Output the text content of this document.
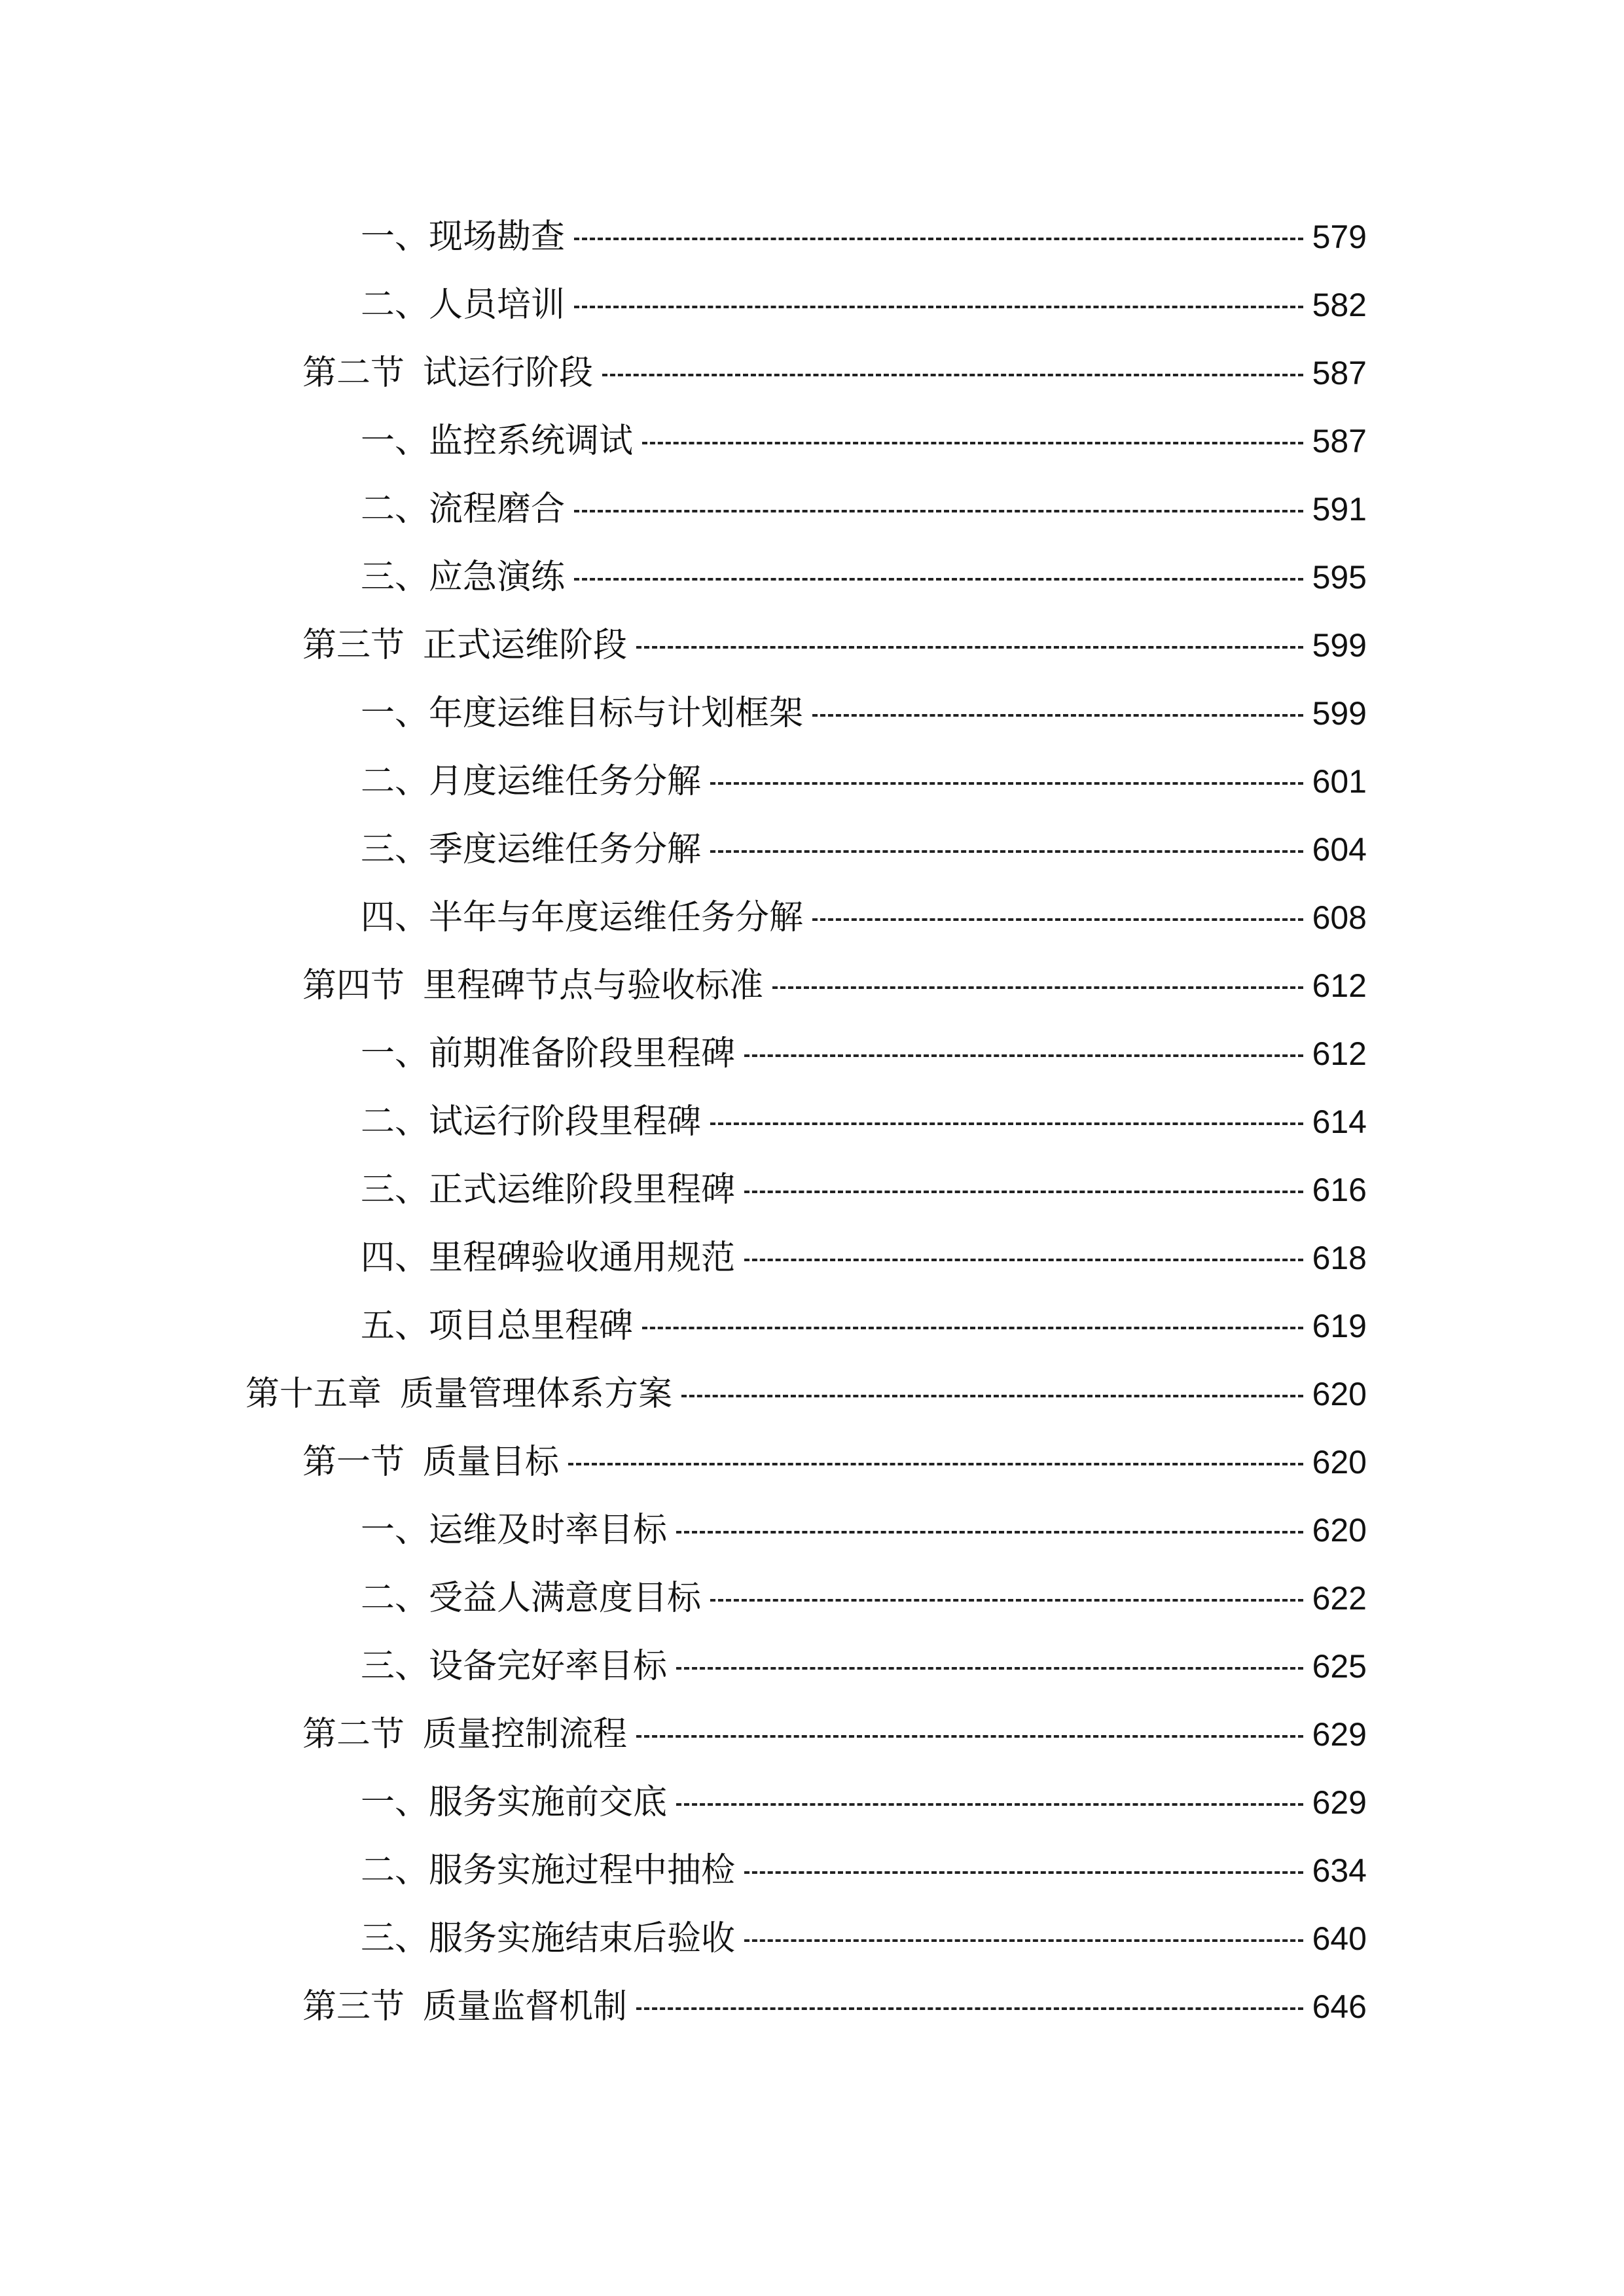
一、现场勘查	579
二、人员培训	582
第二节 试运行阶段	587
一、监控系统调试	587
二、流程磨合	591
三、应急演练	595
第三节 正式运维阶段	599
一、年度运维目标与计划框架	599
二、月度运维任务分解	601
三、季度运维任务分解	604
四、半年与年度运维任务分解	608
第四节 里程碑节点与验收标准	612
一、前期准备阶段里程碑	612
二、试运行阶段里程碑	614
三、正式运维阶段里程碑	616
四、里程碑验收通用规范	618
五、项目总里程碑	619
第十五章 质量管理体系方案	620
第一节 质量目标	620
一、运维及时率目标	620
二、受益人满意度目标	622
三、设备完好率目标	625
第二节 质量控制流程	629
一、服务实施前交底	629
二、服务实施过程中抽检	634
三、服务实施结束后验收	640
第三节 质量监督机制	646
